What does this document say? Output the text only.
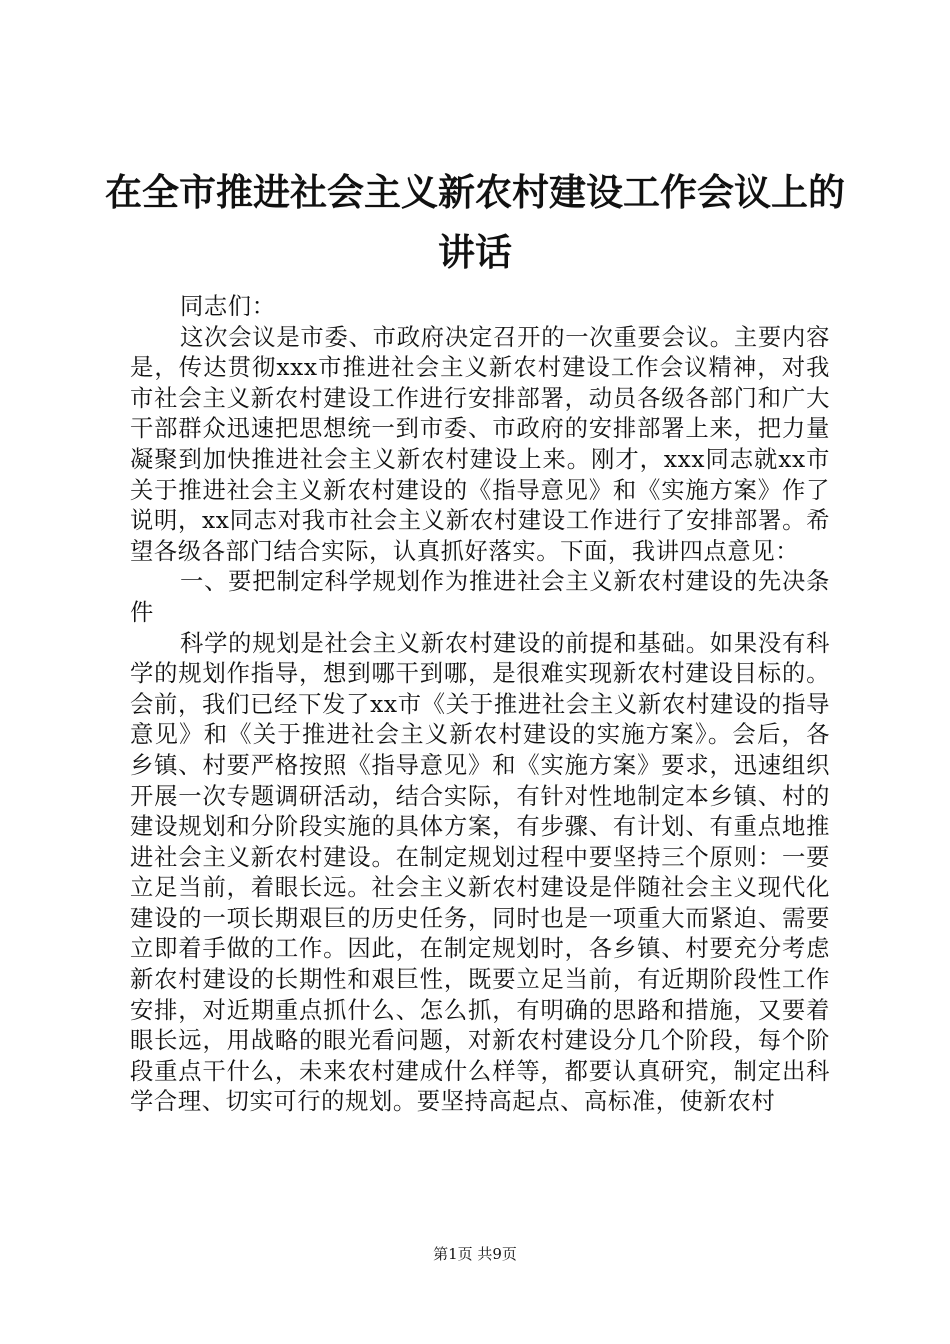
在全市推进社会主义新农村建设工作会议上的
讲话

同志们：

这次会议是市委、市政府决定召开的一次重要会议。主要内容是，传达贯彻xxx市推进社会主义新农村建设工作会议精神，对我市社会主义新农村建设工作进行安排部署，动员各级各部门和广大干部群众迅速把思想统一到市委、市政府的安排部署上来，把力量凝聚到加快推进社会主义新农村建设上来。刚才，xxx同志就xx市关于推进社会主义新农村建设的《指导意见》和《实施方案》作了说明，xx同志对我市社会主义新农村建设工作进行了安排部署。希望各级各部门结合实际，认真抓好落实。下面，我讲四点意见：

一、要把制定科学规划作为推进社会主义新农村建设的先决条件

科学的规划是社会主义新农村建设的前提和基础。如果没有科学的规划作指导，想到哪干到哪，是很难实现新农村建设目标的。会前，我们已经下发了xx市《关于推进社会主义新农村建设的指导意见》和《关于推进社会主义新农村建设的实施方案》。会后，各乡镇、村要严格按照《指导意见》和《实施方案》要求，迅速组织开展一次专题调研活动，结合实际，有针对性地制定本乡镇、村的建设规划和分阶段实施的具体方案，有步骤、有计划、有重点地推进社会主义新农村建设。在制定规划过程中要坚持三个原则：一要立足当前，着眼长远。社会主义新农村建设是伴随社会主义现代化建设的一项长期艰巨的历史任务，同时也是一项重大而紧迫、需要立即着手做的工作。因此，在制定规划时，各乡镇、村要充分考虑新农村建设的长期性和艰巨性，既要立足当前，有近期阶段性工作安排，对近期重点抓什么、怎么抓，有明确的思路和措施，又要着眼长远，用战略的眼光看问题，对新农村建设分几个阶段，每个阶段重点干什么，未来农村建成什么样等，都要认真研究，制定出科学合理、切实可行的规划。要坚持高起点、高标准，使新农村

第1页 共9页
